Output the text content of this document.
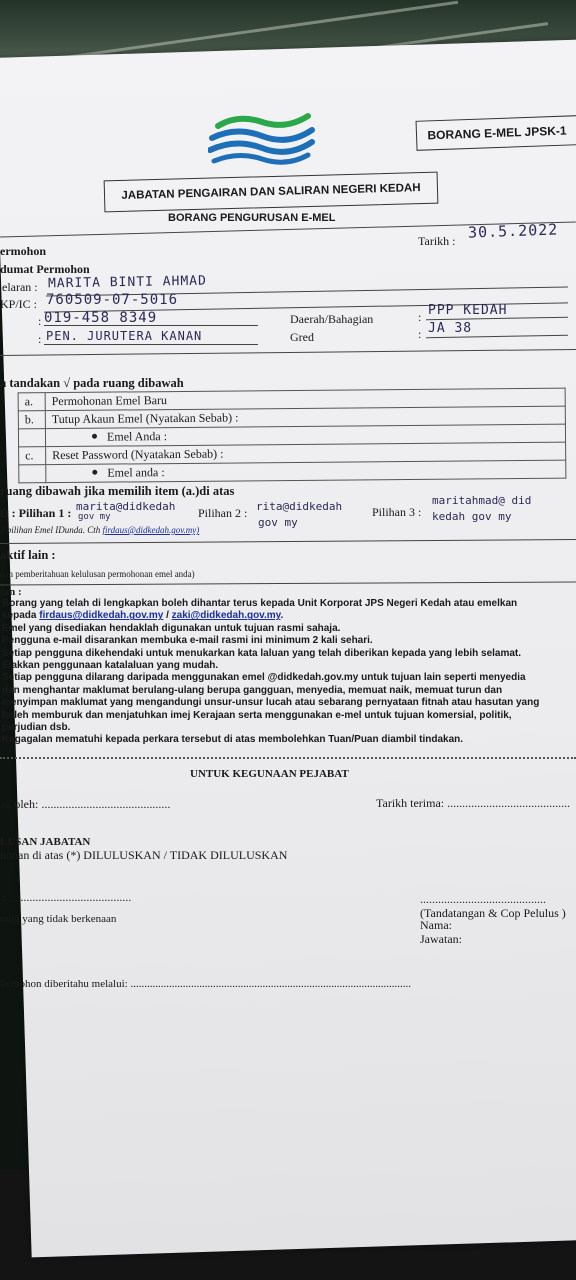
BORANG E-MEL JPSK-1
JABATAN PENGAIRAN DAN SALIRAN NEGERI KEDAH
BORANG PENGURUSAN E-MEL
Tarikh : 30.5.2022
ermohon
dumat Permohon
elaran : MARITA BINTI AHMAD
KP/IC : 760509-07-5016
: 019-458 8349
: PEN. JURUTERA KANAN
Daerah/Bahagian	: PPP KEDAH
Gred	: JA 38
a tandakan √ pada ruang dibawah
a.	Permohonan Emel Baru
b.	Tutup Akaun Emel (Nyatakan Sebab) :
	Emel Anda :
c.	Reset Password (Nyatakan Sebab) :
	Emel anda :
ruang dibawah jika memilih item (a.)di atas
D : Pilihan 1 : marita@didkedah
gov my	Pilihan 2 : rita@didkedah
gov my
Pilihan 3 :
maritahmad@ did
kedah gov my
3 pilihan Emel IDunda. Cth firdaus@didkedah.gov.my)
aktif lain :
uan pemberitahuan kelulusan permohonan emel anda)
tan :
Borang yang telah di lengkapkan boleh dihantar terus kepada Unit Korporat JPS Negeri Kedah atau emelkan
kepada firdaus@didkedah.gov.my / zaki@didkedah.gov.my.
Emel yang disediakan hendaklah digunakan untuk tujuan rasmi sahaja.
Pengguna e-mail disarankan membuka e-mail rasmi ini minimum 2 kali sehari.
Setiap pengguna dikehendaki untuk menukarkan kata laluan yang telah diberikan kepada yang lebih selamat.
Elakkan penggunaan katalaluan yang mudah.
Setiap pengguna dilarang daripada menggunakan emel @didkedah.gov.my untuk tujuan lain seperti menyedia
dan menghantar maklumat berulang-ulang berupa gangguan, menyedia, memuat naik, memuat turun dan
menyimpan maklumat yang mengandungi unsur-unsur lucah atau sebarang pernyataan fitnah atau hasutan yang
boleh memburuk dan menjatuhkan imej Kerajaan serta menggunakan e-mel untuk tujuan komersial, politik,
perjudian dsb.
Kegagalan mematuhi kepada perkara tersebut di atas membolehkan Tuan/Puan diambil tindakan.
UNTUK KEGUNAAN PEJABAT
ak oleh: ...........................................	Tarikh terima: .........................................
LUSAN JABATAN
honan di atas (*) DILULUSKAN / TIDAK DILULUSKAN
: .........................................	..........................................
tong yang tidak berkenaan	(Tandatangan & Cop Pelulus )
Nama:
Jawatan:
Pemohon diberitahu melalui: ......................................................................................................
